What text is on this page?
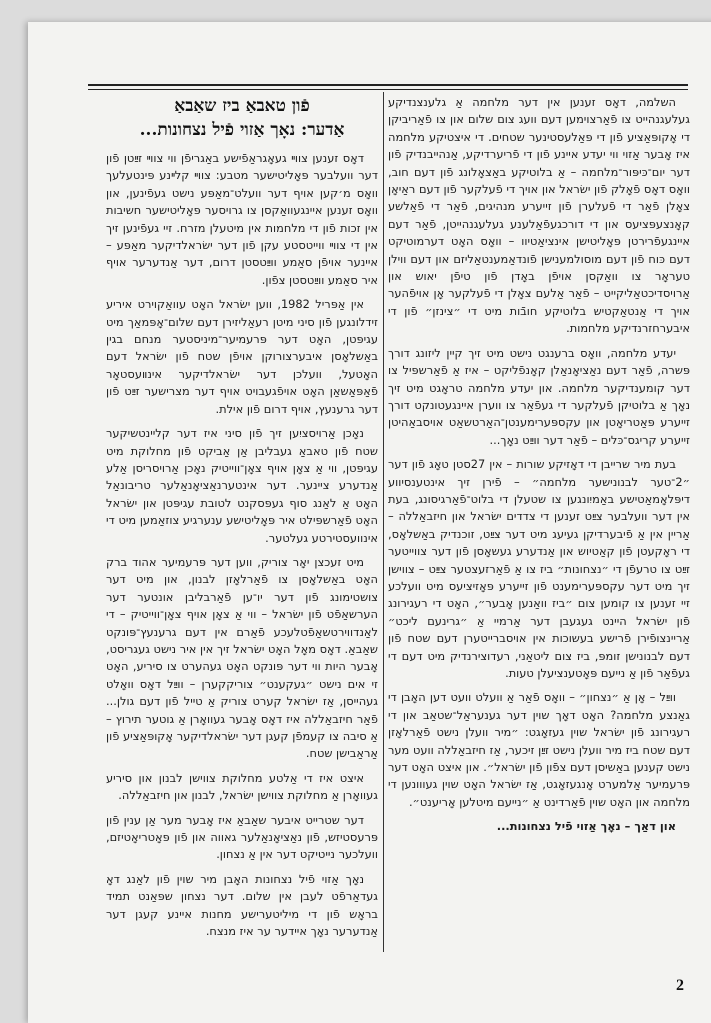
השלמה, דאָס זענען אין דער מלחמה אַ גלענצנדיקע געלעגנהייט צו פֿאַרצוימען דעם וועג צום שלום און צו פֿאַריביקן די אָקופּאַציע פֿון די פּאַלעסטינער שטחים. די איצטיקע מלחמה איז אָבער אַזוי ווי יעדע איינע פֿון די פֿריערדיקע, אַנהייבנדיק פֿון דער יום־כּיפּור־מלחמה – אַ בלוטיקע באַצאָלונג פֿון דעם חוב, וואָס דאָס פֿאָלק פֿון ישׂראל און אויך די פֿעלקער פֿון דעם ראַיאָן צאָלן פֿאַר די פֿעלערן פֿון זייערע מנהיגים, פֿאַר די פֿאַלשע קאָנצעפּציעס און די דורכגעפֿאַלענע געלעגנהייטן, פֿאַר דעם איינגעפֿרירטן פּאָליטישן אינציאַטיוו – וואָס האָט דערמוטיקט דעם כּוח פֿון דעם מוסולמענישן פֿונדאַמענטאַליזם און דעם ווילן טעראָר צו וואַקסן אויפֿן באָדן פֿון טיפֿן יאוש און אַרויסדיכטאַליקייט – פֿאַר אַלעם צאָלן די פֿעלקער אָן אויפֿהער אויך די אַנטאַקטיש בלוטיקע חובֿות מיט די ״צינזן״ פֿון די איבערחזרנדיקע מלחמות.

יעדע מלחמה, וואָס ברענגט נישט מיט זיך קיין ליזונג דורך פּשרה, פֿאַר דעם נאַציאָנאַלן קאָנפֿליקט – איז אַ פֿאַרשפּיל צו דער קומענדיקער מלחמה. און יעדע מלחמה טראָגט מיט זיך נאָך אַ בלוטיקן פֿעלקער די געפֿאַר צו ווערן איינגעטונקט דורך זייערע פּאַטריאָטן און עקספּערימענטן־האַרטשאַט אויסבאַהיטן זייערע קריגס־כּלים – פֿאַר דער ווײַט נאָך...

בעת מיר שרייבן די דאָזיקע שורות – אין 27סטן טאָג פֿון דער ״2־טער לבנונישער מלחמה״ – פֿירן זיך אינטענסיווע דיפּלאָמאַטישע באַמיִונגען צו שטעלן די בלוט־פֿאַרגיסונג, בעת אין דער וועלבער צײַט זענען די צדדים ישׂראל און חיזבאַללה – אַריין אין אַ פֿיבערדיקן געיעג מיט דער צײַט, זוכנדיק באַשלאָס, די ראָקעטן פֿון קאַטיוש און אַנדערע געשאָסן פֿון דער צווייטער זײַט צו טרעפֿן די ״נצחונות״ ביז צו אַ פֿאַרזעצטער צײַט – צווישן זיך מיט דער עקספּערימענט פֿון זייערע פּאָזיציעס מיט וועלכע זיי זענען צו קומען צום ״ביז וואַנען אָבער״, האָט די רעגירונג פֿון ישׂראל היינט געגעבן דער אַרמיי אַ ״גרינעם ליכט״ אַריינצופֿירן פֿרישע בעשוכות אין אויסברייטערן דעם שטח פֿון דעם לבנונישן זומפּ, ביז צום ליטאַני, רעדוצירנדיק מיט דעם די געפֿאַר פֿון אַ נייעם פּאָטענציעלן טעות.

ווײַל – אָן אַ ״נצחון״ – וואָס פֿאַר אַ וועלט וועט דען האָבן די גאַנצע מלחמה? האָט דאָך שוין דער גענעראַל־שטאַב און די רעגירונג פֿון ישׂראל שוין געזאָגט: ״מיר וועלן נישט פֿאַרלאָזן דעם שטח ביז מיר וועלן נישט זײַן זיכער, אַז חיזבאַללה וועט מער נישט קענען באַשיסן דעם צפֿון פֿון ישׂראל״. און איצט האָט דער פּרעמיער אַלמערט אָנגעזאָגט, אַז ישׂראל האָט שוין געווונען די מלחמה און האָט שוין פֿאַרדינט אַ ״נייעם מיטלען אָריענט״.

און דאַך – נאָך אַזוי פֿיל נצחונות...

פֿון טאבאַ ביז שאַבאַ
אַדער: נאָך אַזוי פֿיל נצחונות...

דאָס זענען צווײ געאָגראַפֿישע באַגריפֿן ווי צווײ זײַטן פֿון דער וועלבער פּאָליטישער מטבע: צווײ קלײנע פּינטעלעך וואָס מ׳קען אויף דער וועלט־מאַפּע נישט געפֿינען, און וואָס זענען איינגעוואַקסן צו גרויסער פּאָליטישער חשיבות אין זכות פֿון די מלחמות אין מיטעלן מזרח. זיי געפֿינען זיך אין די צווײ ווייטסטע עקן פֿון דער ישׂראלדיקער מאַפּע – איינער אויפֿן סאַמע ווײַטסטן דרום, דער אַנדערער אויף איר סאַמע ווײַטסטן צפֿון.

אין אַפּריל 1982, ווען ישׂראל האָט עוואַקוירט איריע זידלונגען פֿון סיני מיטן רעאַליזירן דעם שלום־אָפּמאַך מיט עגיפּטן, האָט דער פּרעמיער־מיניסטער מנחם בגין באַשלאָסן איבערצורוקן אויפֿן שטח פֿון ישׂראל דעם האָטעל, וועלכן דער ישׂראלדיקער אינװעסטאָר פֿאַפּאַשאַן האָט אויפֿגעבויט אויף דער מצרישער זײַט פֿון דער גרענעץ, אויף דרום פֿון אילת.

נאָכן אַרויסציִען זיך פֿון סיני איז דער קליינטשיקער שטח פֿון טאבאַ געבליבן אַן אַביקט פֿון מחלוקת מיט עגיפּטן, ווי אַ צאָן אויף צאָן־ווייטיק נאָכן אַרויסריסן אַלע אַנדערע ציינער. דער אינטערנאַציאָנאַלער טריבונאַל האָט אַ לאַנג סוף געפּסקנט לטובת עגיפּטן און ישׂראל האָט פֿאַרשפּילט איר פּאָליטישע ענערגיע צוזאַמען מיט די אינוועסטירטע געלטער.

מיט זעכצן יאָר צוריק, ווען דער פּרעמיער אהוד ברק האָט באַשלאָסן צו פֿאַרלאָזן לבנון, און מיט דער צושטימונג פֿון דער יו־ען פֿאַרבליבן אונטער דער הערשאַפֿט פֿון ישׂראל – ווי אַ צאָן אויף צאָן־ווייטיק – די לאַנדווירטשאַפֿטלעכע פֿאַרם אין דעם גרענעץ־פּונקט שאַבאַ. דאָס מאָל האָט ישׂראל זיך אין איר נישט געגריסט, אָבער היות ווי דער פּונקט האָט געהערט צו סיריע, האָט זי אים נישט ״געקענט״ צוריקקערן – ווײַל דאָס וואָלט געהייסן, אַז ישׂראל קערט צוריק אַ טייל פֿון דעם גולן... פֿאַר חיזבאַללה איז דאָס אָבער געוואָרן אַ גוטער תירוץ – אַ סיבה צו קעמפֿן קעגן דער ישׂראלדיקער אָקופּאַציע פֿון אַראַבישן שטח.

איצט איז די אַלטע מחלוקת צווישן לבנון און סיריע געוואָרן אַ מחלוקת צווישן ישׂראל, לבנון און חיזבאַללה.

דער שטרייט איבער שאַבאַ איז אָבער מער אַן ענין פֿון פּרעסטיזש, פֿון נאַציאָנאַלער גאווה און פֿון פּאָטריאָטיזם, וועלכער נייטיקט דער אין אַ נצחון.

נאָך אַזוי פֿיל נצחונות האָבן מיר שוין פֿון לאַנג דאָ געדאַרפֿט לעבן אין שלום. דער נצחון שפּאַנט תמיד בראָש פֿון די מיליטערישע מחנות איינע קעגן דער אַנדערער נאָך איידער ער איז מנצח.

2
